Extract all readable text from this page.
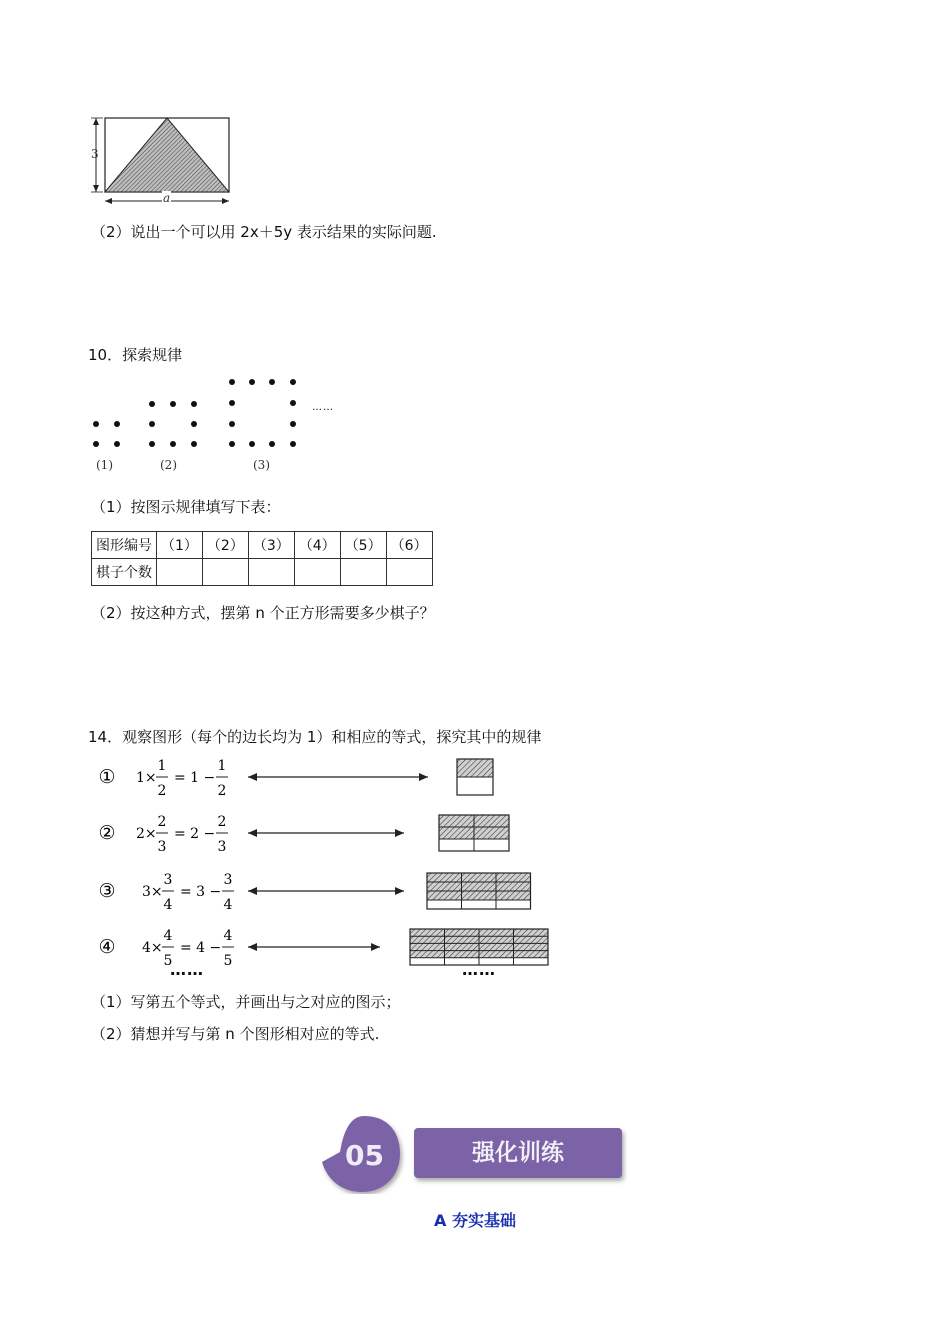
3
a
（2）说出一个可以用 2x＋5y 表示结果的实际问题.
10．探索规律
……
(1)	(2)	(3)
（1）按图示规律填写下表：
图形编号	（1）	（2）	（3）	（4）	（5）	（6）
棋子个数						
（2）按这种方式，摆第 n 个正方形需要多少棋子？
14．观察图形（每个的边长均为 1）和相应的等式，探究其中的规律
① 1×
1
2
= 1 −
1
2
② 2×
2
3
= 2 −
2
3
③ 3×
3
4
= 3 −
3
4
④ 4×
4
5
= 4 −
4
5
……	……
（1）写第五个等式，并画出与之对应的图示；
（2）猜想并写与第 n 个图形相对应的等式.
05	强化训练
A 夯实基础
